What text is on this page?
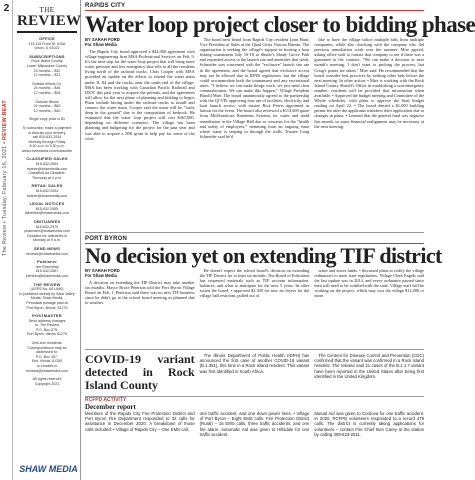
2
The Review • Tuesday, February 16, 2021 • REVIEW REAT
THE
REVIEW
OFFICE
113-115 Front St. #15A
Dixon, IL 61021
SUBSCRIPTIONS
Rock Island County
Lower Milwaukee County
24 months – $32
12 months – $21
Outside Illinois Co.
24 months – $46
12 months – $28
Outside Illinois
24 months – $60
12 months – $40
Single copy price is $1
To subscribe, make a payment
or discuss your delivery,
call 815-632-2534
Monday through Friday
8:30 a.m. to 5:30 p.m.
www.reviewarea.com/subscribe
CLASSIFIED SALES
815-632-2554
hcaner@shawmedia.com
Classified Ad Deadline:
Thursday at 4 p.m.
RETAIL SALES
815-632-2554
hcaner@shawmedia.com
LEGAL NOTICES
815-632-2565
dliberfeld@shawmedia.com
OBITUARIES
815-632-2579
pharmsen@shawmedia.com
Deadline for obituaries is
Monday at 9 a.m.
SEND NEWS
reviews@shawmedia.com
Publisher
Jim Rosenthal
815-632-2567
jhertzen@shawmedia.com
THE REVIEW
(USPS No. 601-680)
is published weekly by Sauk Valley
Media, Shaw Media.
Periodical postage paid at
Port Byron, Illinois, 61275
POSTMASTER
Send address changes
to: The Review
P.O. Box 575,
Port Byron, Illinois 61275
One-arm residents:
Correspondence may be
addressed to:
P.O. Box 357,
Erie, Illinois, 61250
or emailed to
reviews@shawmedia.com
All rights reserved
Copyright 2021
SHAW MEDIA
RAPIDS CITY
Water loop project closer to bidding phase
BY SARAH FORD
For Shaw Media

The Rapids City board approved a $44,000 agreement with village engineering firm MSA Professional Services on Feb. 9. It's the next step for the water loop project that will bring more water pressure and less emergency shut offs to all the residents living north of the railroad tracks. Chris Cooper with MSA provided an update on the efforts to extend the water main under IL 84 and the tracks, near the south end of the village. MSA has been working with Canadian Pacific Railroad and IDOT this past year to acquire the permits, and the agreement will allow for the next phase of planning and bidding to begin. Plans include boring under the railroad tracks to install and connect the water main. Cooper said the main will be "fairly deep in the ground" due to the composition of bedrock. He estimated that the water loop project will cost $367,000, depending on different scenarios. The village has been planning and budgeting for the project for the past year and was able to acquire a 50K grant to help pay for some of the costs.

The board next heard from Rapids City resident Lynn Hunt, Vice President of Sales at the Quad Cities Visitors Bureau. The organization is seeking the village's support in hosting a bass fishing tournament July 16-18 at Shuler's Shady Grove Park and requested access to the launch site and amenities that week. Schneider was concerned with the "exclusive" launch site use in the agreement, and the board agreed that exclusive access may not be allowed due to IDNR regulations, but the village could accommodate both the tournament and any recreational users. "I believe we can make things work, we just need clear communication. We can make this happen," Village President Harold Mire. The board unanimously agreed to the partnership with the QCVB, approving four use of facilities, electricity, and boat launch access, with trustee Rick Peters appointed as liaison for the event. The board also reviewed a $113,269 quote from MidAmerican Basement Systems for water and mold remediation in the Village Hall due to concerns for the "health and safety of employees," stemming from an ongoing issue where water is seeping in through the walls. Trustee Craig Schneider said he'd

like to have the village solicit multiple bids from multiple companies, while also checking with the company who did previous remediation work over the summer. Mire agreed, asking office staff to contact that company to see if there was a guarantee in the contract. "We can make a decision at next month's meeting, I don't want to prolong the process, but Craig's points are taken," Mire said. He recommended that the board consider best practices by seeking other bids before the next meeting. In other action: • Mire is working with the Rock Island County Sheriff's Office in establishing a non-emergency number; residents will be provided that information when available. • Approved the budget meeting and Committee of the Whole schedules, with plans to approve the final budget reading on April 22. • The board denied a $1,000 building permit fee after the applicants withdrew their application due to changes in plans. • Learned that the general fund was negative this month, so some financial realignment may be necessary at the next meeting.

PORT BYRON
No decision yet on extending TIF district
BY SARAH FORD
For Shaw Media

A decision on extending the TIF District may take another six months, Mayor Bruce Peterson told the Port Byron Village Board on Feb. 1. Peterson said there was no new TIF business since he didn't go to the school board meeting as planned due to weather.

He doesn't expect the school board's decision on extending the TIF District for at least six months. The Board of Education has requested materials such as TIF account information, balances, and what to anticipate for the next 5 years. In other action the board: • approved $2,300 for new air dryers for the village hall restroom, pulled out of

water and sewer funds. • discussed plans to codify the village ordinances to meet state regulations. Village Clerk Engels said the last update was in 2014, and every ordinance passed since then will need to be codified with the state. Village staff will be working on the project, which may cost the village $12,000 or more.

COVID-19 variant detected in Rock Island County

The Illinois Department of Public Health (IDPH) has announced the first case of another COVID-19 variant (B.1.351), this time in a Rock Island resident. This variant was first identified in South Africa.

The Centers for Disease Control and Prevention (CDC) confirmed that the variant was confirmed in a Rock Island resident. The release said 21 cases of the B.1.1.7 variant have been reported in the United States after being first identified in the United Kingdom.

RCFPD ACTIVITY
December report
Members of the Rapids City Fire Protection District and Port Byron Fire Department responded to 32 calls for assistance in December 2020. A breakdown of those calls included: • Village of Rapids City – One EMS call,
one traffic accident, and one down power lines. • Village of Port Byron – Eight EMS calls. Fire Protection District (Rural) – 16 EMS calls, three traffic accidents, and one fire alarm. Automatic Aid was given to Hillsdale for one traffic accident.
Mutual Aid was given to Cordova for one traffic accident. In 2020, RCFPD volunteers responded to a record 479 calls. The district is currently taking applications for volunteers – contact Fire Chief Don Carey at the station by calling 309-523-2511.
